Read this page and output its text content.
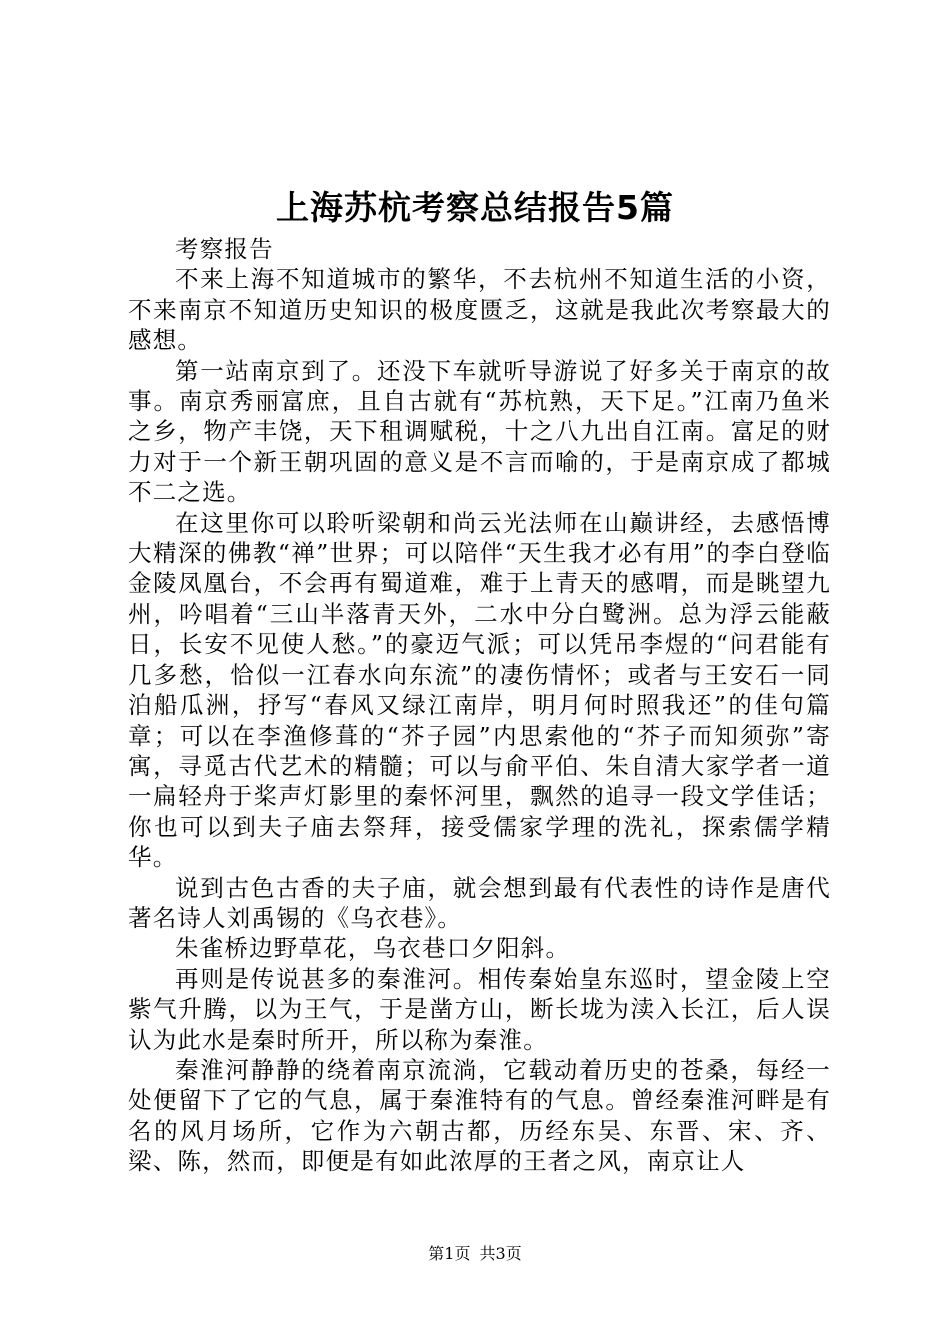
上海苏杭考察总结报告5篇

考察报告

不来上海不知道城市的繁华，不去杭州不知道生活的小资，不来南京不知道历史知识的极度匮乏，这就是我此次考察最大的感想。

第一站南京到了。还没下车就听导游说了好多关于南京的故事。南京秀丽富庶，且自古就有“苏杭熟，天下足。”江南乃鱼米之乡，物产丰饶，天下租调赋税，十之八九出自江南。富足的财力对于一个新王朝巩固的意义是不言而喻的，于是南京成了都城不二之选。

在这里你可以聆听梁朝和尚云光法师在山巅讲经，去感悟博大精深的佛教“禅”世界；可以陪伴“天生我才必有用”的李白登临金陵凤凰台，不会再有蜀道难，难于上青天的感喟，而是眺望九州，吟唱着“三山半落青天外，二水中分白鹭洲。总为浮云能蔽日，长安不见使人愁。”的豪迈气派；可以凭吊李煜的“问君能有几多愁，恰似一江春水向东流”的凄伤情怀；或者与王安石一同泊船瓜洲，抒写“春风又绿江南岸，明月何时照我还”的佳句篇章；可以在李渔修葺的“芥子园”内思索他的“芥子而知须弥”寄寓，寻觅古代艺术的精髓；可以与俞平伯、朱自清大家学者一道一扁轻舟于桨声灯影里的秦怀河里，飘然的追寻一段文学佳话；你也可以到夫子庙去祭拜，接受儒家学理的洗礼，探索儒学精华。

说到古色古香的夫子庙，就会想到最有代表性的诗作是唐代著名诗人刘禹锡的《乌衣巷》。

朱雀桥边野草花，乌衣巷口夕阳斜。

再则是传说甚多的秦淮河。相传秦始皇东巡时，望金陵上空紫气升腾，以为王气，于是凿方山，断长垅为渎入长江，后人误认为此水是秦时所开，所以称为秦淮。

秦淮河静静的绕着南京流淌，它载动着历史的苍桑，每经一处便留下了它的气息，属于秦淮特有的气息。曾经秦淮河畔是有名的风月场所，它作为六朝古都，历经东吴、东晋、宋、齐、梁、陈，然而，即便是有如此浓厚的王者之风，南京让人

第1页 共3页
